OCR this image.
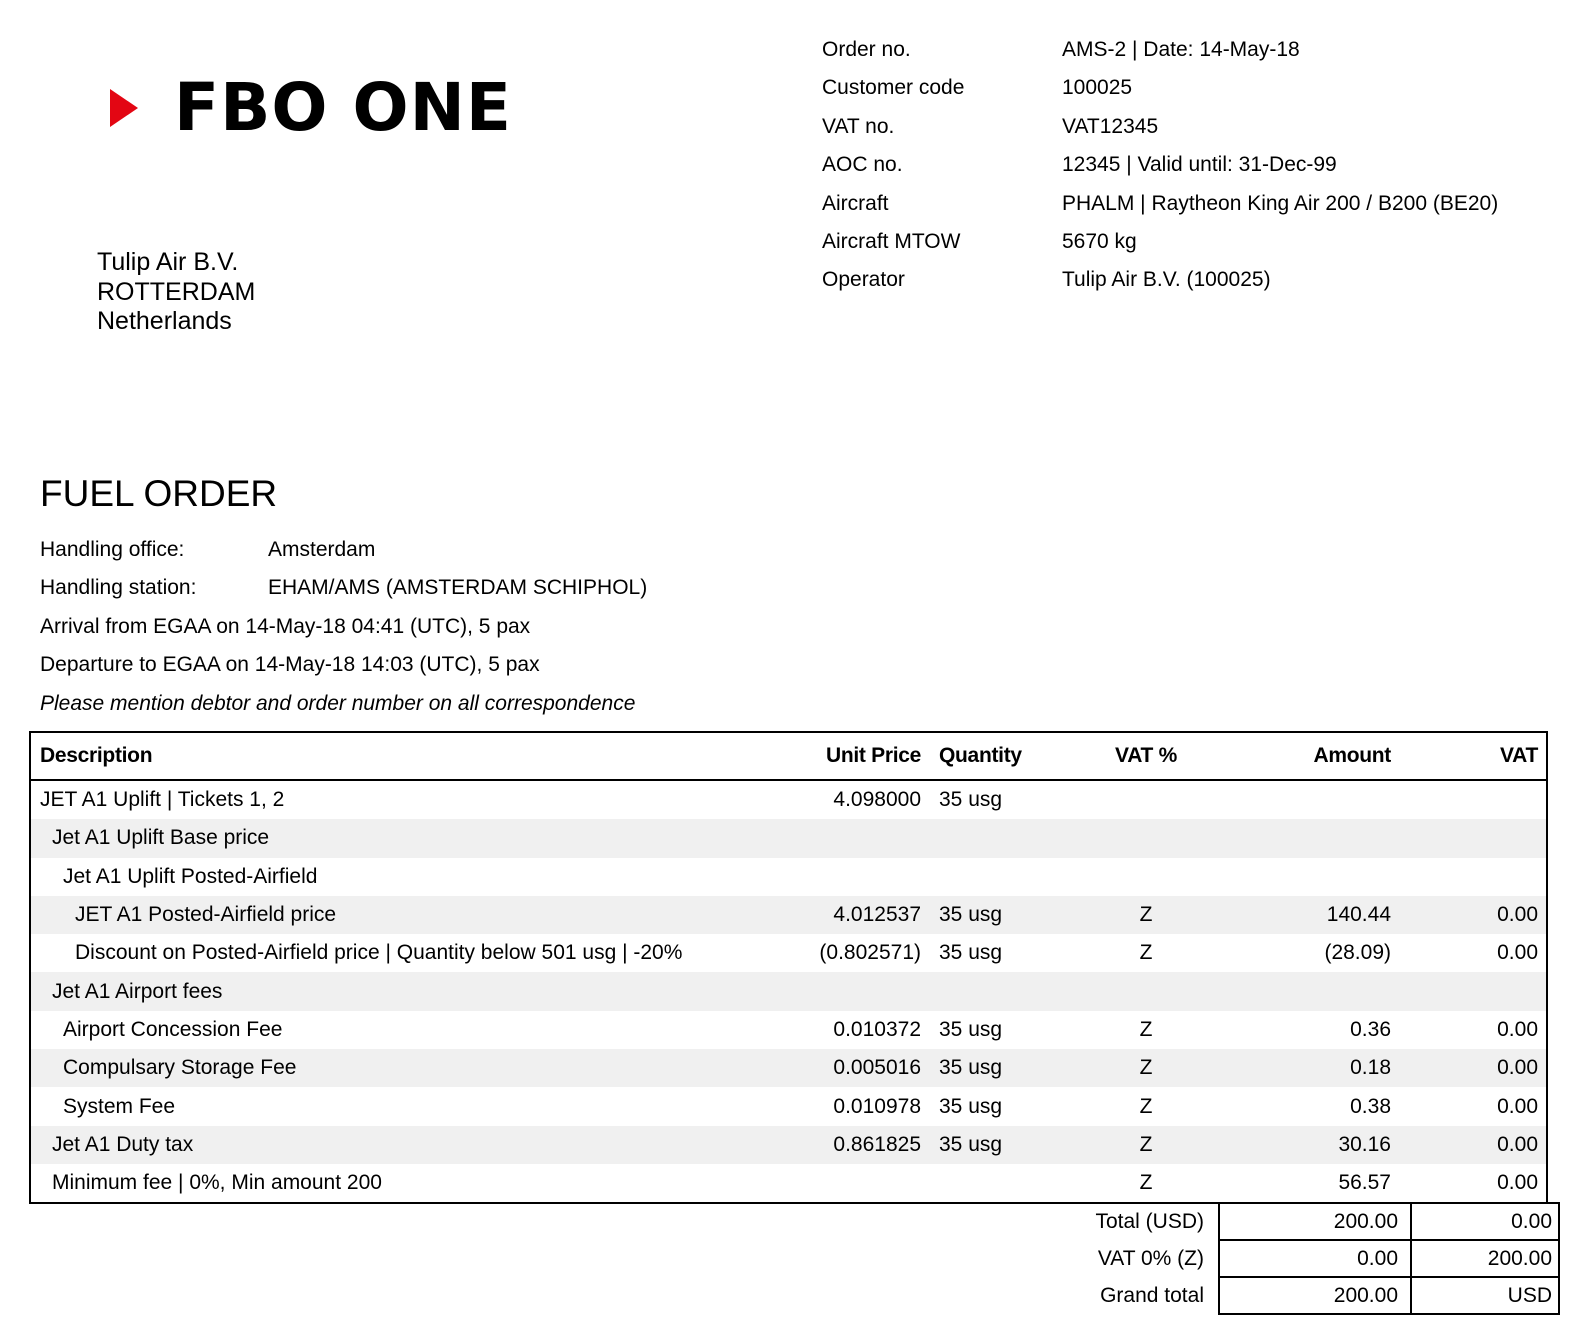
FBO ONE
Tulip Air B.V.
ROTTERDAM
Netherlands
Order no.	AMS-2 | Date: 14-May-18
Customer code	100025
VAT no.	VAT12345
AOC no.	12345 | Valid until: 31-Dec-99
Aircraft	PHALM | Raytheon King Air 200 / B200 (BE20)
Aircraft MTOW	5670 kg
Operator	Tulip Air B.V. (100025)
FUEL ORDER
Handling office:	Amsterdam
Handling station:	EHAM/AMS (AMSTERDAM SCHIPHOL)
Arrival from EGAA on 14-May-18 04:41 (UTC), 5 pax
Departure to EGAA on 14-May-18 14:03 (UTC), 5 pax
Please mention debtor and order number on all correspondence
Description	Unit Price	Quantity	VAT %	Amount	VAT
JET A1 Uplift | Tickets 1, 2	4.098000	35 usg			
Jet A1 Uplift Base price					
Jet A1 Uplift Posted-Airfield					
JET A1 Posted-Airfield price	4.012537	35 usg	Z	140.44	0.00
Discount on Posted-Airfield price | Quantity below 501 usg | -20%	(0.802571)	35 usg	Z	(28.09)	0.00
Jet A1 Airport fees					
Airport Concession Fee	0.010372	35 usg	Z	0.36	0.00
Compulsary Storage Fee	0.005016	35 usg	Z	0.18	0.00
System Fee	0.010978	35 usg	Z	0.38	0.00
Jet A1 Duty tax	0.861825	35 usg	Z	30.16	0.00
Minimum fee | 0%, Min amount 200			Z	56.57	0.00
Total (USD)	200.00	0.00
VAT 0% (Z)	0.00	200.00
Grand total	200.00	USD
